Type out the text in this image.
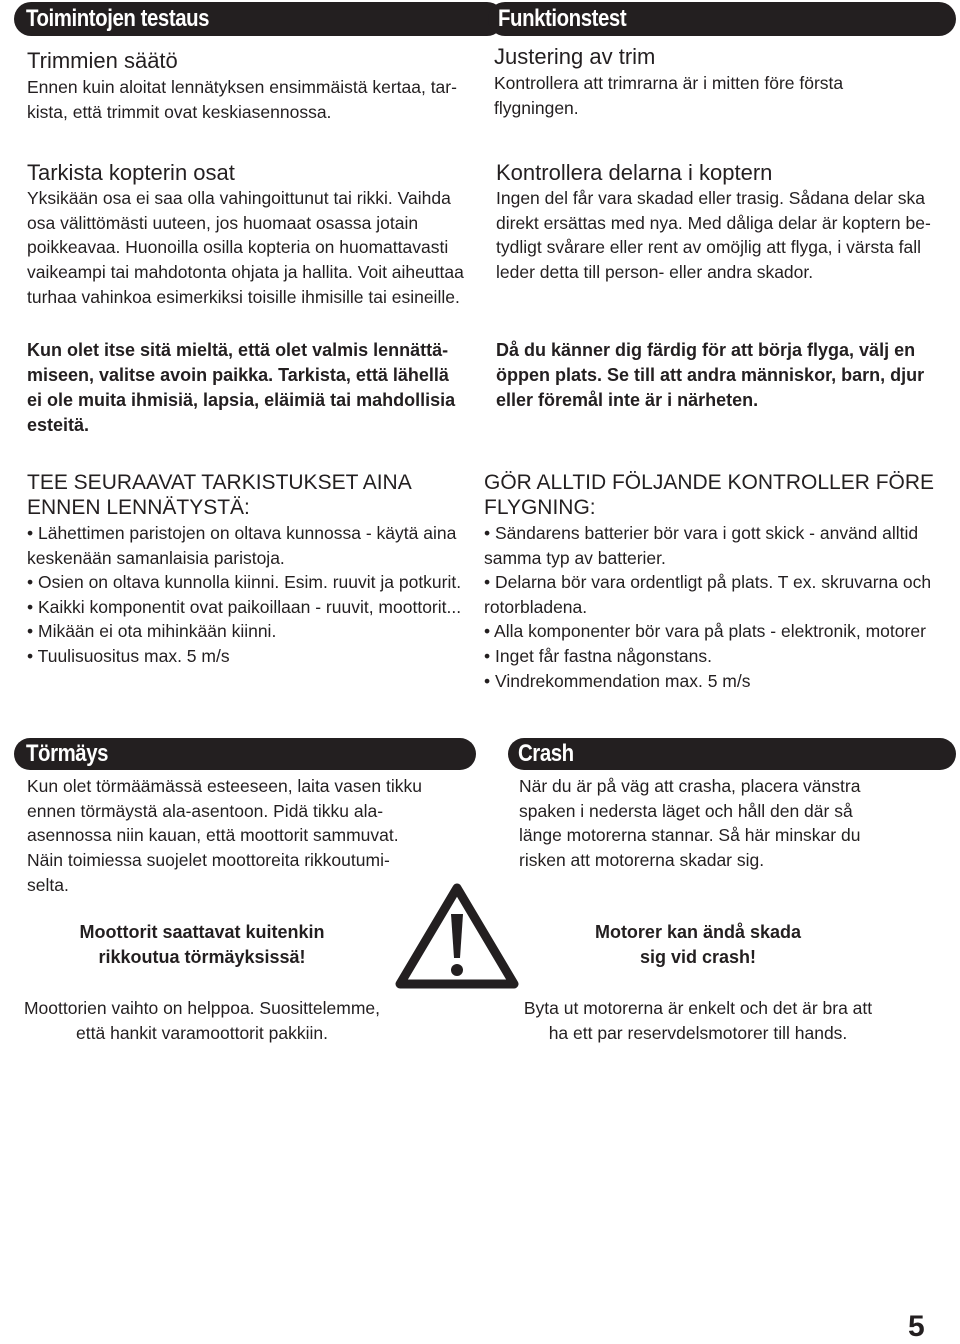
Toimintojen testaus	Funktionstest
Trimmien säätö

Ennen kuin aloitat lennätyksen ensimmäistä kertaa, tar-

kista, että trimmit ovat keskiasennossa.

Tarkista kopterin osat

Yksikään osa ei saa olla vahingoittunut tai rikki. Vaihda

osa välittömästi uuteen, jos huomaat osassa jotain

poikkeavaa. Huonoilla osilla kopteria on huomattavasti

vaikeampi tai mahdotonta ohjata ja hallita. Voit aiheuttaa

turhaa vahinkoa esimerkiksi toisille ihmisille tai esineille.

Kun olet itse sitä mieltä, että olet valmis lennättä-

miseen, valitse avoin paikka. Tarkista, että lähellä

ei ole muita ihmisiä, lapsia, eläimiä tai mahdollisia

esteitä.

TEE SEURAAVAT TARKISTUKSET AINA

ENNEN LENNÄTYSTÄ:

• Lähettimen paristojen on oltava kunnossa - käytä aina
keskenään samanlaisia paristoja.
• Osien on oltava kunnolla kiinni. Esim. ruuvit ja potkurit.
• Kaikki komponentit ovat paikoillaan - ruuvit, moottorit...
• Mikään ei ota mihinkään kiinni.
• Tuulisuositus max. 5 m/s
Justering av trim

Kontrollera att trimrarna är i mitten före första

flygningen.

Kontrollera delarna i koptern

Ingen del får vara skadad eller trasig. Sådana delar ska

direkt ersättas med nya. Med dåliga delar är koptern be-

tydligt svårare eller rent av omöjlig att flyga, i värsta fall

leder detta till person- eller andra skador.

Då du känner dig färdig för att börja flyga, välj en

öppen plats. Se till att andra människor, barn, djur

eller föremål inte är i närheten.

GÖR ALLTID FÖLJANDE KONTROLLER FÖRE

FLYGNING:

• Sändarens batterier bör vara i gott skick - använd alltid
samma typ av batterier.
• Delarna bör vara ordentligt på plats. T ex. skruvarna och
rotorbladena.
• Alla komponenter bör vara på plats - elektronik, motorer
• Inget får fastna någonstans.
• Vindrekommendation max. 5 m/s
Törmäys	Crash

Kun olet törmäämässä esteeseen, laita vasen tikku

ennen törmäystä ala-asentoon. Pidä tikku ala-

asennossa niin kauan, että moottorit sammuvat.

Näin toimiessa suojelet moottoreita rikkoutumi-

selta.

Moottorit saattavat kuitenkin

rikkoutua törmäyksissä!

Moottorien vaihto on helppoa. Suosittelemme,

että hankit varamoottorit pakkiin.

När du är på väg att crasha, placera vänstra

spaken i nedersta läget och håll den där så

länge motorerna stannar. Så här minskar du

risken att motorerna skadar sig.

Motorer kan ändå skada

sig vid crash!

Byta ut motorerna är enkelt och det är bra att

ha ett par reservdelsmotorer till hands.

5
